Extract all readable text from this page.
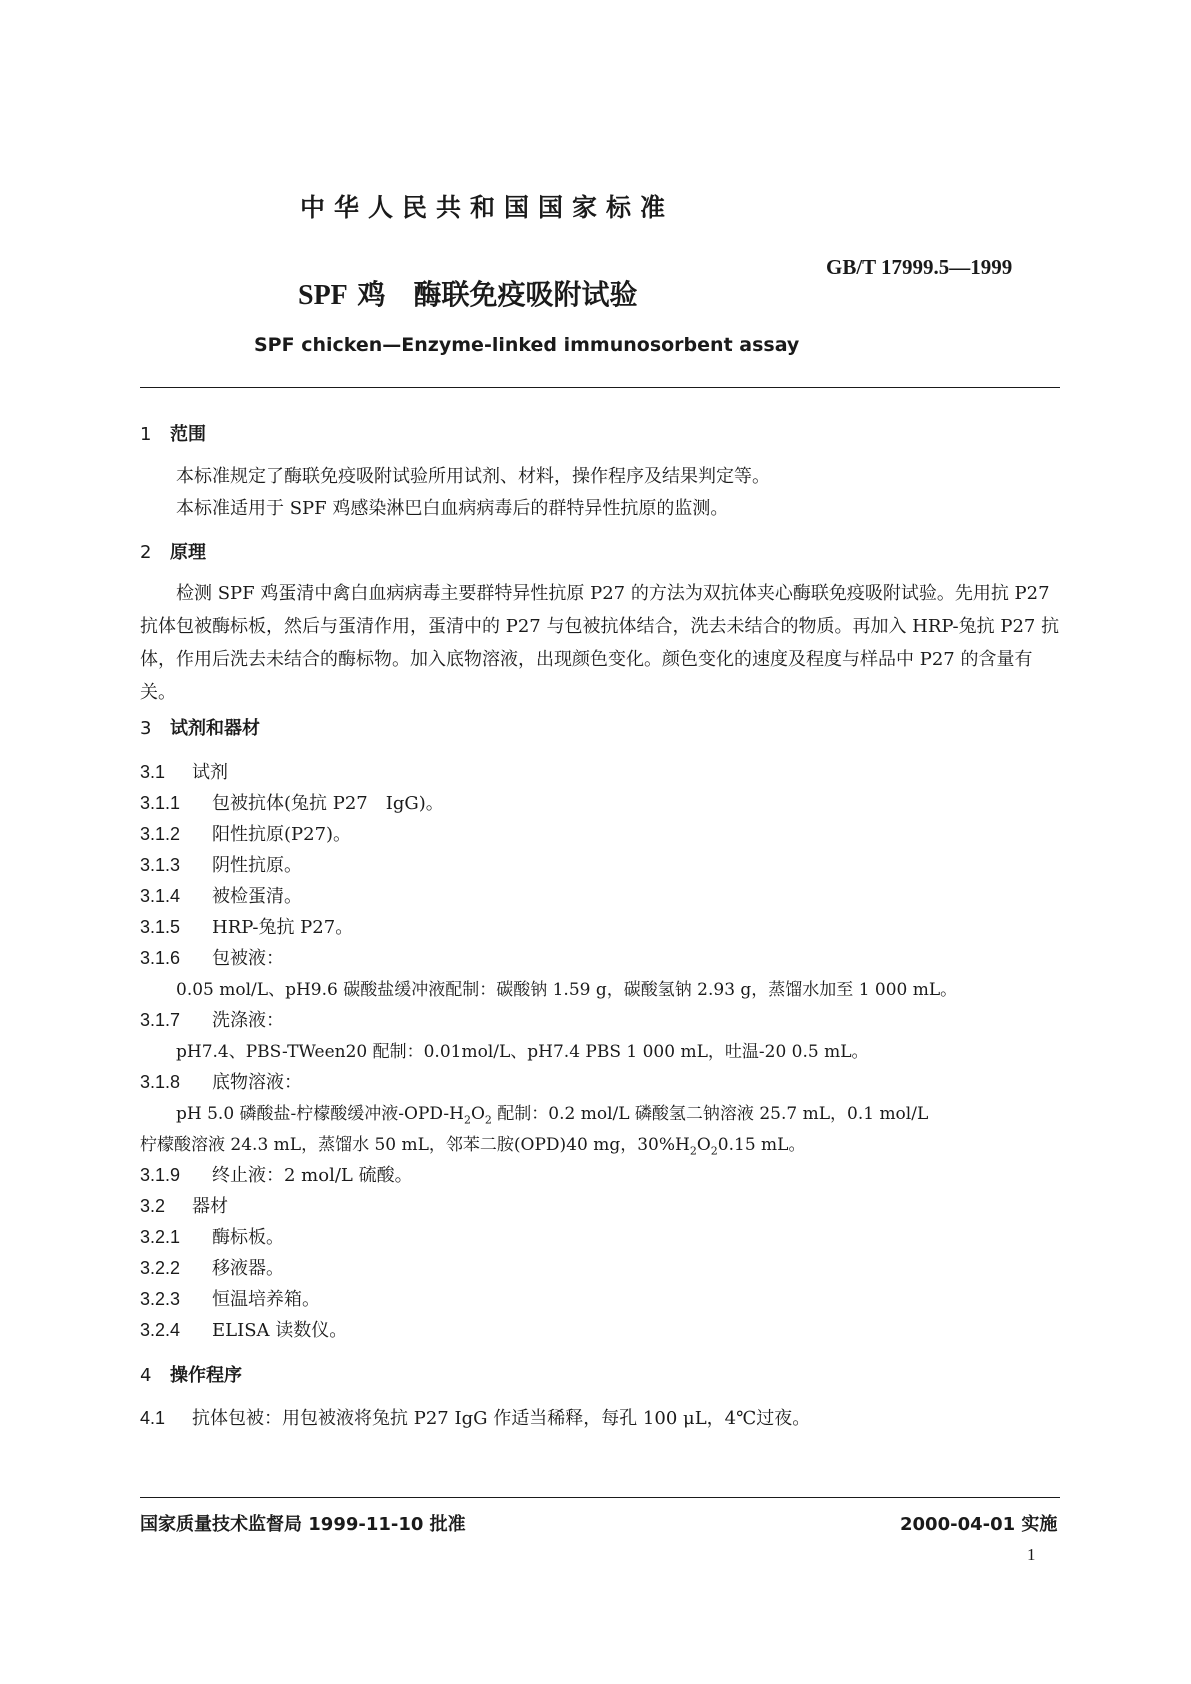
中华人民共和国国家标准
GB/T 17999.5—1999
SPF 鸡　酶联免疫吸附试验
SPF chicken—Enzyme-linked immunosorbent assay
1 范围
本标准规定了酶联免疫吸附试验所用试剂、材料，操作程序及结果判定等。
本标准适用于 SPF 鸡感染淋巴白血病病毒后的群特异性抗原的监测。
2 原理
检测 SPF 鸡蛋清中禽白血病病毒主要群特异性抗原 P27 的方法为双抗体夹心酶联免疫吸附试验。先用抗 P27 抗体包被酶标板，然后与蛋清作用，蛋清中的 P27 与包被抗体结合，洗去未结合的物质。再加入 HRP-兔抗 P27 抗体，作用后洗去未结合的酶标物。加入底物溶液，出现颜色变化。颜色变化的速度及程度与样品中 P27 的含量有关。
3 试剂和器材
3.1 试剂
3.1.1 包被抗体(兔抗 P27　IgG)。
3.1.2 阳性抗原(P27)。
3.1.3 阴性抗原。
3.1.4 被检蛋清。
3.1.5 HRP-兔抗 P27。
3.1.6 包被液：
0.05 mol/L、pH9.6 碳酸盐缓冲液配制：碳酸钠 1.59 g，碳酸氢钠 2.93 g，蒸馏水加至 1 000 mL。
3.1.7 洗涤液：
pH7.4、PBS-TWeen20 配制：0.01mol/L、pH7.4 PBS 1 000 mL，吐温-20 0.5 mL。
3.1.8 底物溶液：
pH 5.0 磷酸盐-柠檬酸缓冲液$-OPD-H_2O_2$ 配制：0.2 mol/L 磷酸氢二钠溶液 25.7 mL，0.1 mol/L
柠檬酸溶液 24.3 mL，蒸馏水 50 mL，邻苯二胺(OPD)40 mg，$30\%H_2O_20.15$ mL。
3.1.9 终止液：2 mol/L 硫酸。
3.2 器材
3.2.1 酶标板。
3.2.2 移液器。
3.2.3 恒温培养箱。
3.2.4 ELISA 读数仪。
4 操作程序
4.1 抗体包被：用包被液将兔抗 P27 IgG 作适当稀释，每孔 100 μL，4℃过夜。
国家质量技术监督局 1999-11-10 批准	2000-04-01 实施
1
